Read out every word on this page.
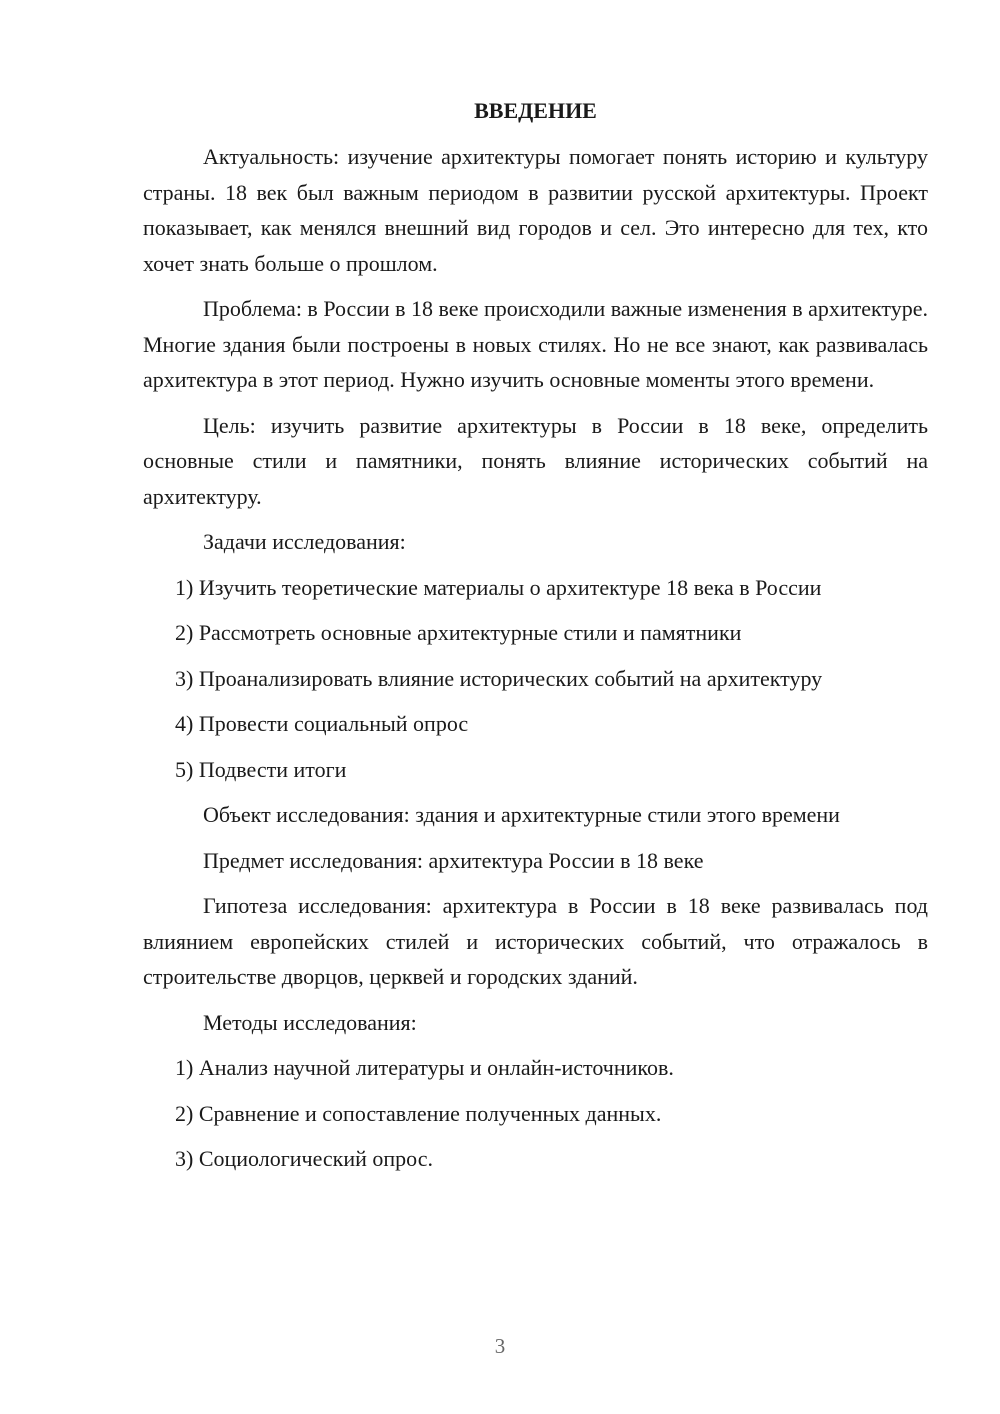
ВВЕДЕНИЕ

Актуальность: изучение архитектуры помогает понять историю и культуру страны. 18 век был важным периодом в развитии русской архитектуры. Проект показывает, как менялся внешний вид городов и сел. Это интересно для тех, кто хочет знать больше о прошлом.

Проблема: в России в 18 веке происходили важные изменения в архитектуре. Многие здания были построены в новых стилях. Но не все знают, как развивалась архитектура в этот период. Нужно изучить основные моменты этого времени.

Цель: изучить развитие архитектуры в России в 18 веке, определить основные стили и памятники, понять влияние исторических событий на архитектуру.

Задачи исследования:
1) Изучить теоретические материалы о архитектуре 18 века в России
2) Рассмотреть основные архитектурные стили и памятники
3) Проанализировать влияние исторических событий на архитектуру
4) Провести социальный опрос
5) Подвести итоги
Объект исследования: здания и архитектурные стили этого времени
Предмет исследования: архитектура России в 18 веке

Гипотеза исследования: архитектура в России в 18 веке развивалась под влиянием европейских стилей и исторических событий, что отражалось в строительстве дворцов, церквей и городских зданий.

Методы исследования:
1) Анализ научной литературы и онлайн-источников.
2) Сравнение и сопоставление полученных данных.
3) Социологический опрос.
3
